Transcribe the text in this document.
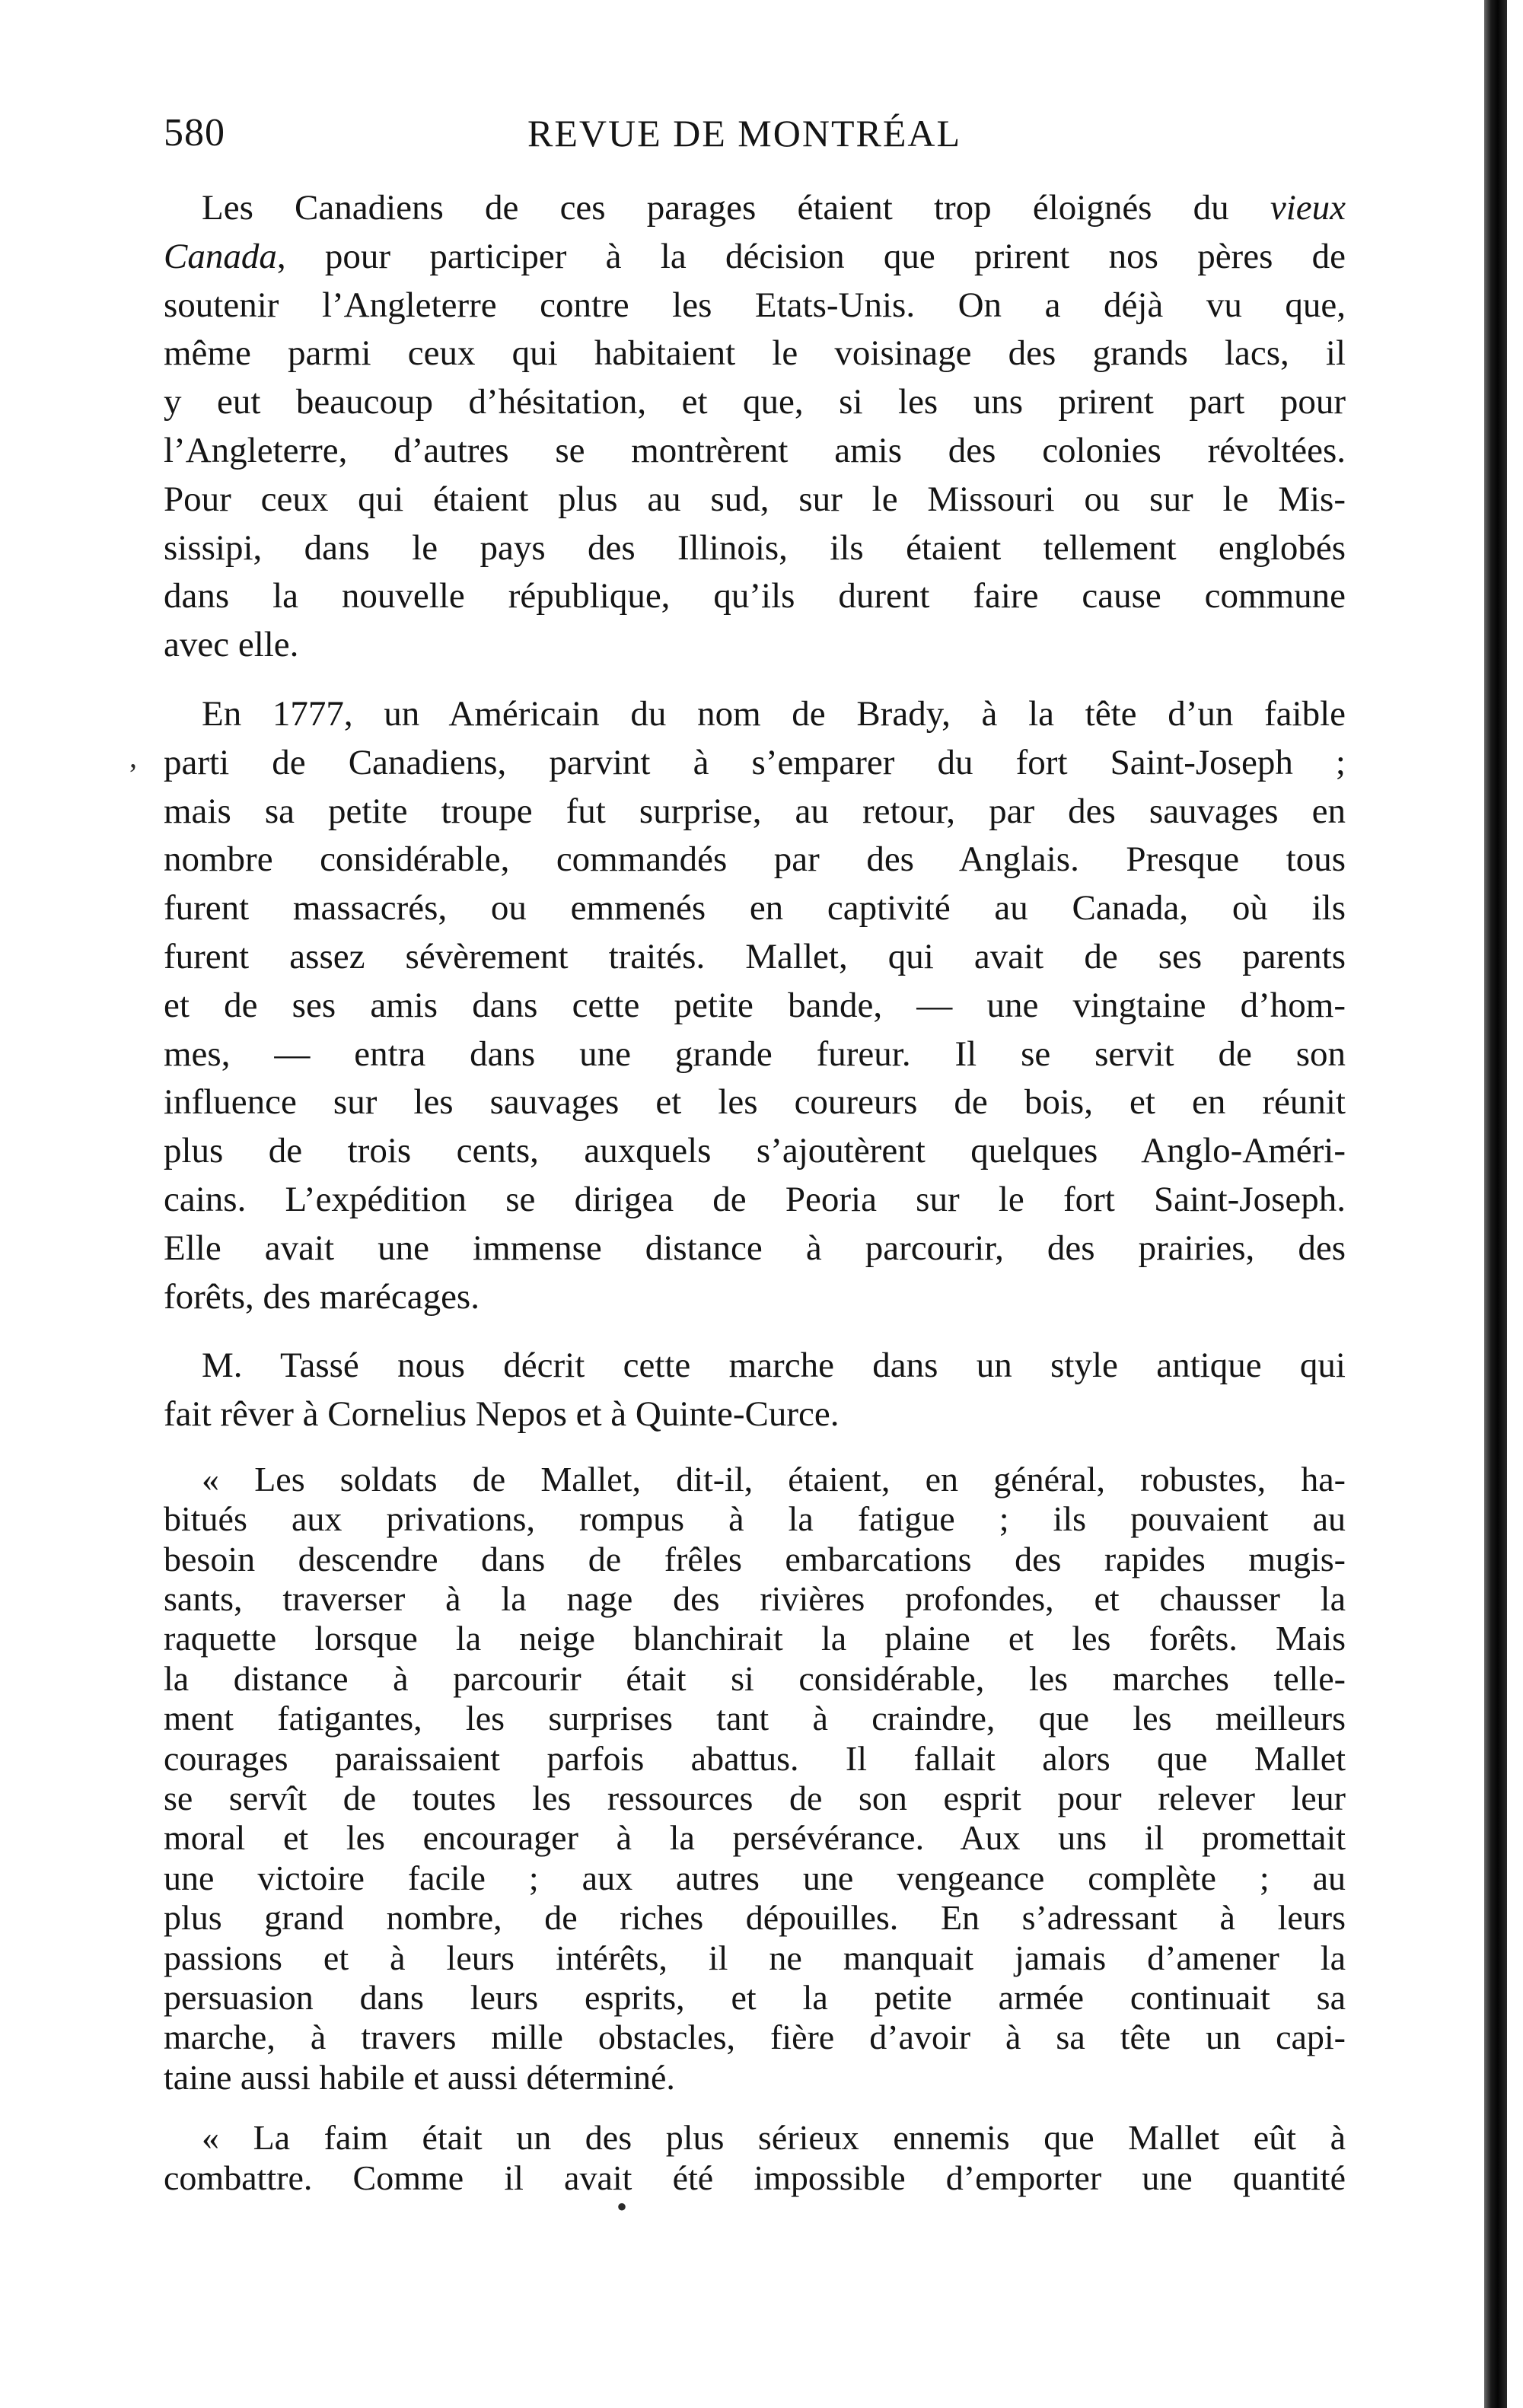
580	REVUE DE MONTRÉAL
Les Canadiens de ces parages étaient trop éloignés du vieux
Canada, pour participer à la décision que prirent nos pères de
soutenir l’Angleterre contre les Etats-Unis. On a déjà vu que,
même parmi ceux qui habitaient le voisinage des grands lacs, il
y eut beaucoup d’hésitation, et que, si les uns prirent part pour
l’Angleterre, d’autres se montrèrent amis des colonies révoltées.
Pour ceux qui étaient plus au sud, sur le Missouri ou sur le Mis-
sissipi, dans le pays des Illinois, ils étaient tellement englobés
dans la nouvelle république, qu’ils durent faire cause commune
avec elle.
En 1777, un Américain du nom de Brady, à la tête d’un faible
parti de Canadiens, parvint à s’emparer du fort Saint-Joseph ;
mais sa petite troupe fut surprise, au retour, par des sauvages en
nombre considérable, commandés par des Anglais. Presque tous
furent massacrés, ou emmenés en captivité au Canada, où ils
furent assez sévèrement traités. Mallet, qui avait de ses parents
et de ses amis dans cette petite bande, — une vingtaine d’hom-
mes, — entra dans une grande fureur. Il se servit de son
influence sur les sauvages et les coureurs de bois, et en réunit
plus de trois cents, auxquels s’ajoutèrent quelques Anglo-Améri-
cains. L’expédition se dirigea de Peoria sur le fort Saint-Joseph.
Elle avait une immense distance à parcourir, des prairies, des
forêts, des marécages.
M. Tassé nous décrit cette marche dans un style antique qui
fait rêver à Cornelius Nepos et à Quinte-Curce.
« Les soldats de Mallet, dit-il, étaient, en général, robustes, ha-
bitués aux privations, rompus à la fatigue ; ils pouvaient au
besoin descendre dans de frêles embarcations des rapides mugis-
sants, traverser à la nage des rivières profondes, et chausser la
raquette lorsque la neige blanchirait la plaine et les forêts. Mais
la distance à parcourir était si considérable, les marches telle-
ment fatigantes, les surprises tant à craindre, que les meilleurs
courages paraissaient parfois abattus. Il fallait alors que Mallet
se servît de toutes les ressources de son esprit pour relever leur
moral et les encourager à la persévérance. Aux uns il promettait
une victoire facile ; aux autres une vengeance complète ; au
plus grand nombre, de riches dépouilles. En s’adressant à leurs
passions et à leurs intérêts, il ne manquait jamais d’amener la
persuasion dans leurs esprits, et la petite armée continuait sa
marche, à travers mille obstacles, fière d’avoir à sa tête un capi-
taine aussi habile et aussi déterminé.
« La faim était un des plus sérieux ennemis que Mallet eût à
combattre. Comme il avait été impossible d’emporter une quantité
,
•
